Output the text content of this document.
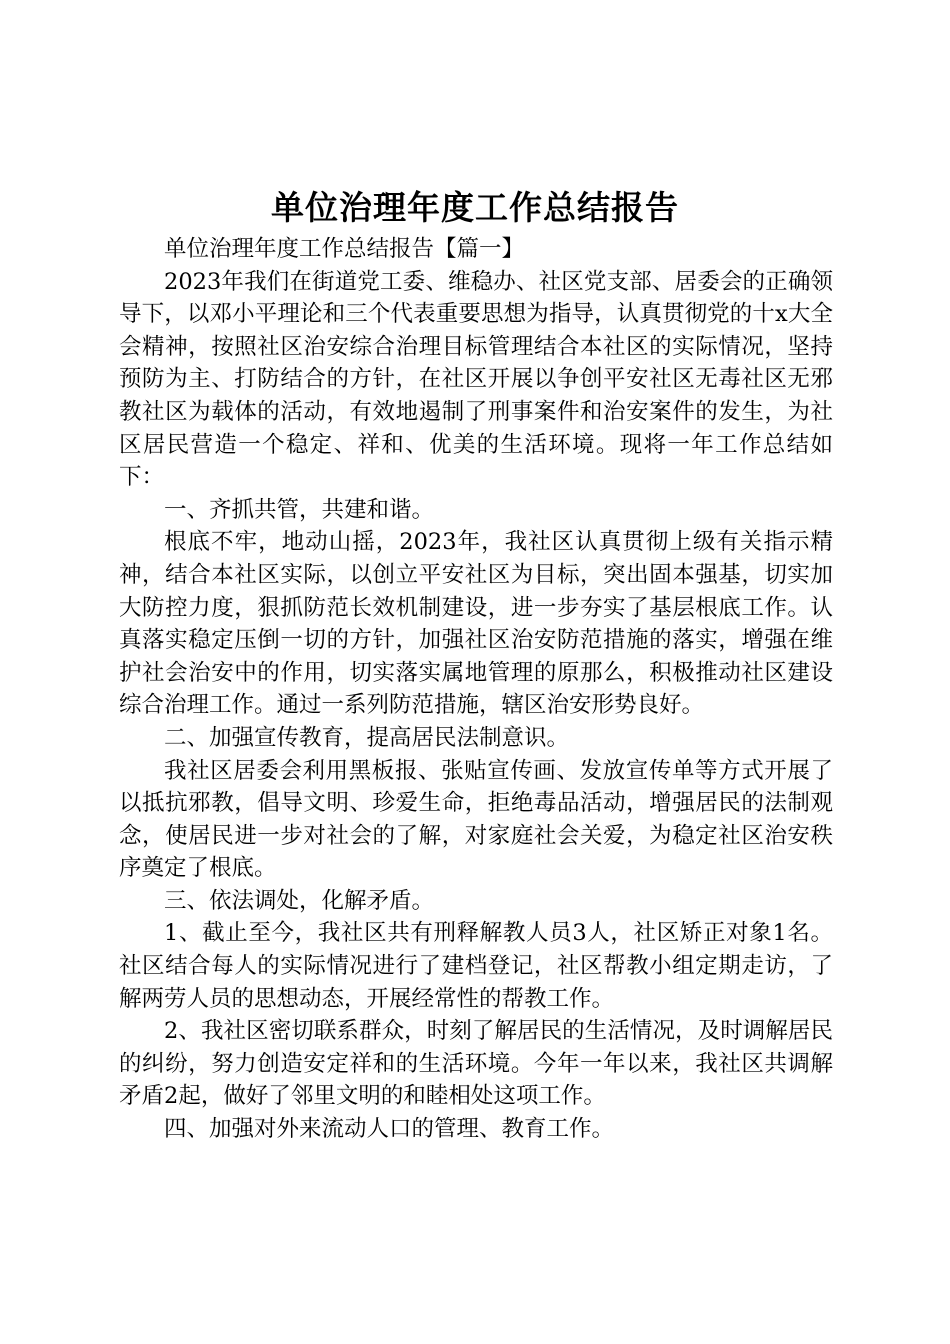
单位治理年度工作总结报告

单位治理年度工作总结报告【篇一】

2023年我们在街道党工委、维稳办、社区党支部、居委会的正确领导下，以邓小平理论和三个代表重要思想为指导，认真贯彻党的十x大全会精神，按照社区治安综合治理目标管理结合本社区的实际情况，坚持预防为主、打防结合的方针，在社区开展以争创平安社区无毒社区无邪教社区为载体的活动，有效地遏制了刑事案件和治安案件的发生，为社区居民营造一个稳定、祥和、优美的生活环境。现将一年工作总结如下：

一、齐抓共管，共建和谐。

根底不牢，地动山摇，2023年，我社区认真贯彻上级有关指示精神，结合本社区实际，以创立平安社区为目标，突出固本强基，切实加大防控力度，狠抓防范长效机制建设，进一步夯实了基层根底工作。认真落实稳定压倒一切的方针，加强社区治安防范措施的落实，增强在维护社会治安中的作用，切实落实属地管理的原那么，积极推动社区建设综合治理工作。通过一系列防范措施，辖区治安形势良好。

二、加强宣传教育，提高居民法制意识。

我社区居委会利用黑板报、张贴宣传画、发放宣传单等方式开展了以抵抗邪教，倡导文明、珍爱生命，拒绝毒品活动，增强居民的法制观念，使居民进一步对社会的了解，对家庭社会关爱，为稳定社区治安秩序奠定了根底。

三、依法调处，化解矛盾。

1、截止至今，我社区共有刑释解教人员3人，社区矫正对象1名。社区结合每人的实际情况进行了建档登记，社区帮教小组定期走访，了解两劳人员的思想动态，开展经常性的帮教工作。

2、我社区密切联系群众，时刻了解居民的生活情况，及时调解居民的纠纷，努力创造安定祥和的生活环境。今年一年以来，我社区共调解矛盾2起，做好了邻里文明的和睦相处这项工作。

四、加强对外来流动人口的管理、教育工作。
